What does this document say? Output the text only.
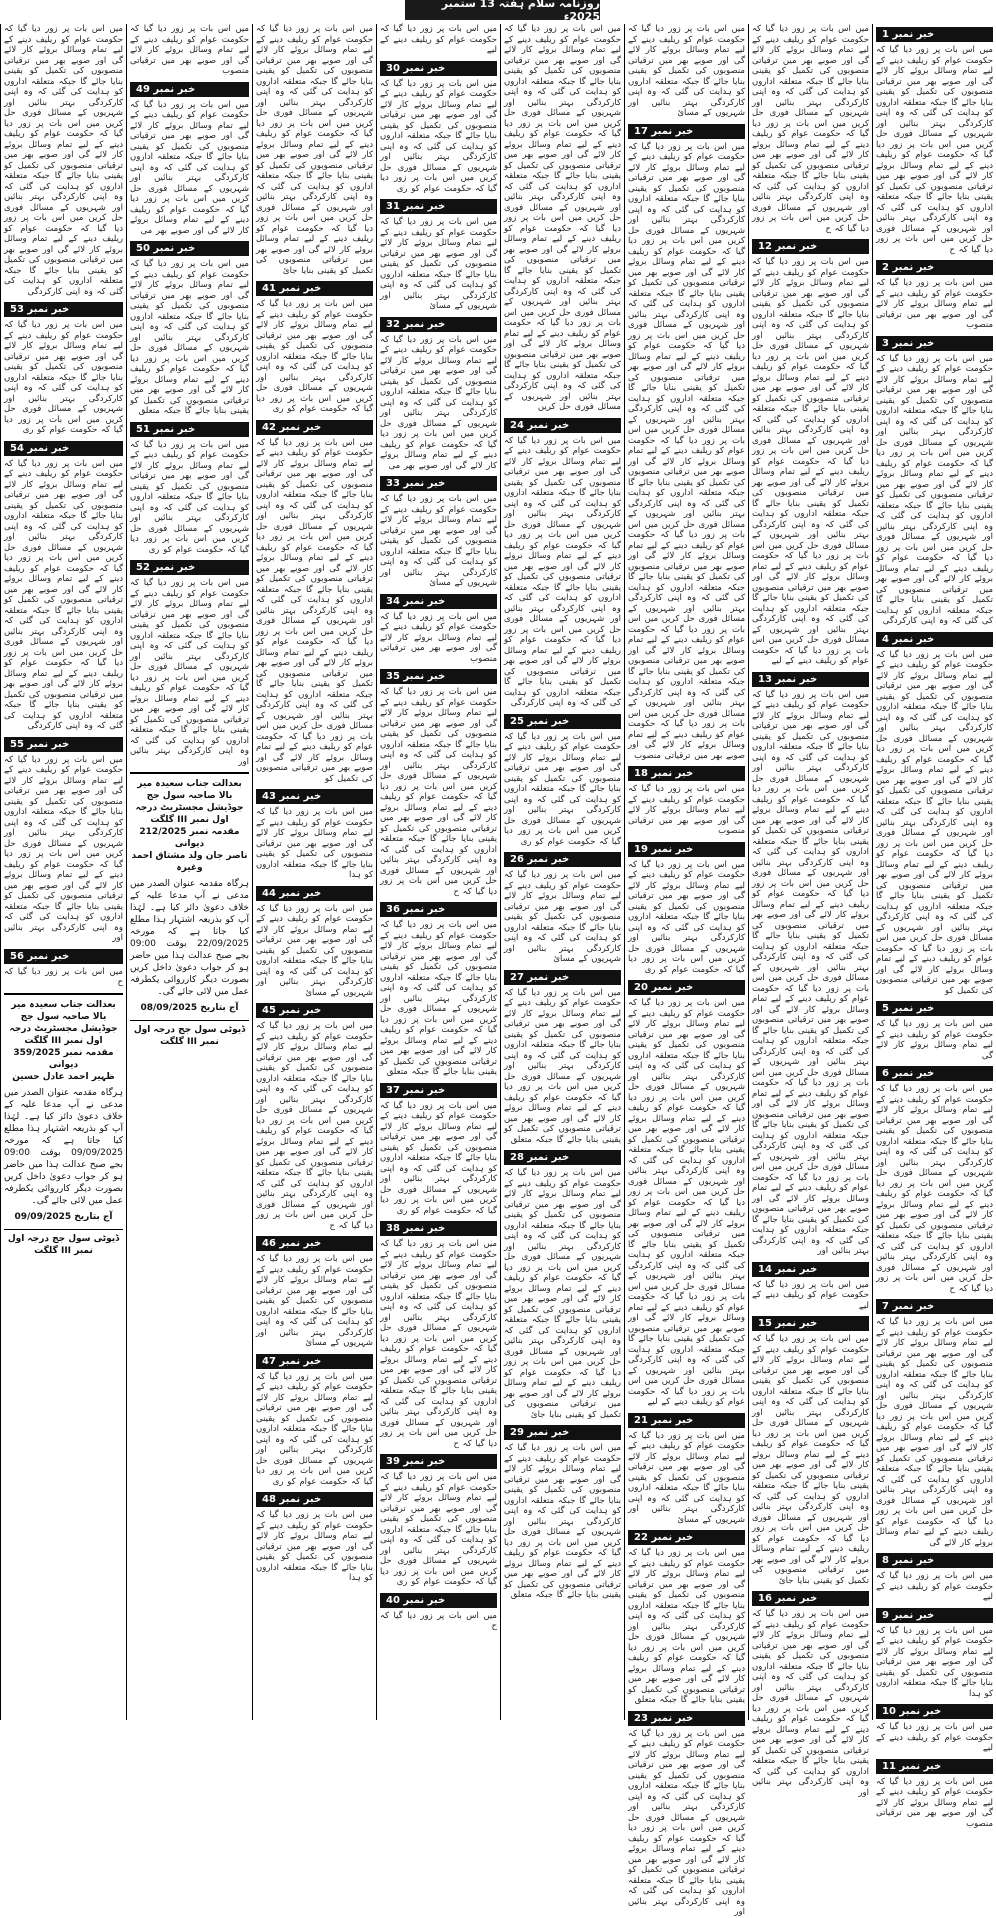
روزنامہ سلام ہفتہ 13 ستمبر 2025ء
خبر نمبر 1
میں اس بات پر زور دیا گیا کہ حکومت عوام کو ریلیف دینے کے لیے تمام وسائل بروئے کار لائے گی اور صوبے بھر میں ترقیاتی منصوبوں کی تکمیل کو یقینی بنایا جائے گا جبکہ متعلقہ اداروں کو ہدایت کی گئی کہ وہ اپنی کارکردگی بہتر بنائیں اور شہریوں کے مسائل فوری حل کریں میں اس بات پر زور دیا گیا کہ حکومت عوام کو ریلیف دینے کے لیے تمام وسائل بروئے کار لائے گی اور صوبے بھر میں ترقیاتی منصوبوں کی تکمیل کو یقینی بنایا جائے گا جبکہ متعلقہ اداروں کو ہدایت کی گئی کہ وہ اپنی کارکردگی بہتر بنائیں اور شہریوں کے مسائل فوری حل کریں میں اس بات پر زور دیا گیا کہ ح
خبر نمبر 2
میں اس بات پر زور دیا گیا کہ حکومت عوام کو ریلیف دینے کے لیے تمام وسائل بروئے کار لائے گی اور صوبے بھر میں ترقیاتی منصوب
خبر نمبر 3
میں اس بات پر زور دیا گیا کہ حکومت عوام کو ریلیف دینے کے لیے تمام وسائل بروئے کار لائے گی اور صوبے بھر میں ترقیاتی منصوبوں کی تکمیل کو یقینی بنایا جائے گا جبکہ متعلقہ اداروں کو ہدایت کی گئی کہ وہ اپنی کارکردگی بہتر بنائیں اور شہریوں کے مسائل فوری حل کریں میں اس بات پر زور دیا گیا کہ حکومت عوام کو ریلیف دینے کے لیے تمام وسائل بروئے کار لائے گی اور صوبے بھر میں ترقیاتی منصوبوں کی تکمیل کو یقینی بنایا جائے گا جبکہ متعلقہ اداروں کو ہدایت کی گئی کہ وہ اپنی کارکردگی بہتر بنائیں اور شہریوں کے مسائل فوری حل کریں میں اس بات پر زور دیا گیا کہ حکومت عوام کو ریلیف دینے کے لیے تمام وسائل بروئے کار لائے گی اور صوبے بھر میں ترقیاتی منصوبوں کی تکمیل کو یقینی بنایا جائے گا جبکہ متعلقہ اداروں کو ہدایت کی گئی کہ وہ اپنی کارکردگی
خبر نمبر 4
میں اس بات پر زور دیا گیا کہ حکومت عوام کو ریلیف دینے کے لیے تمام وسائل بروئے کار لائے گی اور صوبے بھر میں ترقیاتی منصوبوں کی تکمیل کو یقینی بنایا جائے گا جبکہ متعلقہ اداروں کو ہدایت کی گئی کہ وہ اپنی کارکردگی بہتر بنائیں اور شہریوں کے مسائل فوری حل کریں میں اس بات پر زور دیا گیا کہ حکومت عوام کو ریلیف دینے کے لیے تمام وسائل بروئے کار لائے گی اور صوبے بھر میں ترقیاتی منصوبوں کی تکمیل کو یقینی بنایا جائے گا جبکہ متعلقہ اداروں کو ہدایت کی گئی کہ وہ اپنی کارکردگی بہتر بنائیں اور شہریوں کے مسائل فوری حل کریں میں اس بات پر زور دیا گیا کہ حکومت عوام کو ریلیف دینے کے لیے تمام وسائل بروئے کار لائے گی اور صوبے بھر میں ترقیاتی منصوبوں کی تکمیل کو یقینی بنایا جائے گا جبکہ متعلقہ اداروں کو ہدایت کی گئی کہ وہ اپنی کارکردگی بہتر بنائیں اور شہریوں کے مسائل فوری حل کریں میں اس بات پر زور دیا گیا کہ حکومت عوام کو ریلیف دینے کے لیے تمام وسائل بروئے کار لائے گی اور صوبے بھر میں ترقیاتی منصوبوں کی تکمیل کو
خبر نمبر 5
میں اس بات پر زور دیا گیا کہ حکومت عوام کو ریلیف دینے کے لیے تمام وسائل بروئے کار لائے گی
خبر نمبر 6
میں اس بات پر زور دیا گیا کہ حکومت عوام کو ریلیف دینے کے لیے تمام وسائل بروئے کار لائے گی اور صوبے بھر میں ترقیاتی منصوبوں کی تکمیل کو یقینی بنایا جائے گا جبکہ متعلقہ اداروں کو ہدایت کی گئی کہ وہ اپنی کارکردگی بہتر بنائیں اور شہریوں کے مسائل فوری حل کریں میں اس بات پر زور دیا گیا کہ حکومت عوام کو ریلیف دینے کے لیے تمام وسائل بروئے کار لائے گی اور صوبے بھر میں ترقیاتی منصوبوں کی تکمیل کو یقینی بنایا جائے گا جبکہ متعلقہ اداروں کو ہدایت کی گئی کہ وہ اپنی کارکردگی بہتر بنائیں اور شہریوں کے مسائل فوری حل کریں میں اس بات پر زور دیا گیا کہ ح
خبر نمبر 7
میں اس بات پر زور دیا گیا کہ حکومت عوام کو ریلیف دینے کے لیے تمام وسائل بروئے کار لائے گی اور صوبے بھر میں ترقیاتی منصوبوں کی تکمیل کو یقینی بنایا جائے گا جبکہ متعلقہ اداروں کو ہدایت کی گئی کہ وہ اپنی کارکردگی بہتر بنائیں اور شہریوں کے مسائل فوری حل کریں میں اس بات پر زور دیا گیا کہ حکومت عوام کو ریلیف دینے کے لیے تمام وسائل بروئے کار لائے گی اور صوبے بھر میں ترقیاتی منصوبوں کی تکمیل کو یقینی بنایا جائے گا جبکہ متعلقہ اداروں کو ہدایت کی گئی کہ وہ اپنی کارکردگی بہتر بنائیں اور شہریوں کے مسائل فوری حل کریں میں اس بات پر زور دیا گیا کہ حکومت عوام کو ریلیف دینے کے لیے تمام وسائل بروئے کار لائے گی
خبر نمبر 8
میں اس بات پر زور دیا گیا کہ حکومت عوام کو ریلیف دینے کے لیے
خبر نمبر 9
میں اس بات پر زور دیا گیا کہ حکومت عوام کو ریلیف دینے کے لیے تمام وسائل بروئے کار لائے گی اور صوبے بھر میں ترقیاتی منصوبوں کی تکمیل کو یقینی بنایا جائے گا جبکہ متعلقہ اداروں کو ہدا
خبر نمبر 10
میں اس بات پر زور دیا گیا کہ حکومت عوام کو ریلیف دینے کے لیے
خبر نمبر 11
میں اس بات پر زور دیا گیا کہ حکومت عوام کو ریلیف دینے کے لیے تمام وسائل بروئے کار لائے گی اور صوبے بھر میں ترقیاتی منصوب
میں اس بات پر زور دیا گیا کہ حکومت عوام کو ریلیف دینے کے لیے تمام وسائل بروئے کار لائے گی اور صوبے بھر میں ترقیاتی منصوبوں کی تکمیل کو یقینی بنایا جائے گا جبکہ متعلقہ اداروں کو ہدایت کی گئی کہ وہ اپنی کارکردگی بہتر بنائیں اور شہریوں کے مسائل فوری حل کریں میں اس بات پر زور دیا گیا کہ حکومت عوام کو ریلیف دینے کے لیے تمام وسائل بروئے کار لائے گی اور صوبے بھر میں ترقیاتی منصوبوں کی تکمیل کو یقینی بنایا جائے گا جبکہ متعلقہ اداروں کو ہدایت کی گئی کہ وہ اپنی کارکردگی بہتر بنائیں اور شہریوں کے مسائل فوری حل کریں میں اس بات پر زور دیا گیا کہ ح
خبر نمبر 12
میں اس بات پر زور دیا گیا کہ حکومت عوام کو ریلیف دینے کے لیے تمام وسائل بروئے کار لائے گی اور صوبے بھر میں ترقیاتی منصوبوں کی تکمیل کو یقینی بنایا جائے گا جبکہ متعلقہ اداروں کو ہدایت کی گئی کہ وہ اپنی کارکردگی بہتر بنائیں اور شہریوں کے مسائل فوری حل کریں میں اس بات پر زور دیا گیا کہ حکومت عوام کو ریلیف دینے کے لیے تمام وسائل بروئے کار لائے گی اور صوبے بھر میں ترقیاتی منصوبوں کی تکمیل کو یقینی بنایا جائے گا جبکہ متعلقہ اداروں کو ہدایت کی گئی کہ وہ اپنی کارکردگی بہتر بنائیں اور شہریوں کے مسائل فوری حل کریں میں اس بات پر زور دیا گیا کہ حکومت عوام کو ریلیف دینے کے لیے تمام وسائل بروئے کار لائے گی اور صوبے بھر میں ترقیاتی منصوبوں کی تکمیل کو یقینی بنایا جائے گا جبکہ متعلقہ اداروں کو ہدایت کی گئی کہ وہ اپنی کارکردگی بہتر بنائیں اور شہریوں کے مسائل فوری حل کریں میں اس بات پر زور دیا گیا کہ حکومت عوام کو ریلیف دینے کے لیے تمام وسائل بروئے کار لائے گی اور صوبے بھر میں ترقیاتی منصوبوں کی تکمیل کو یقینی بنایا جائے گا جبکہ متعلقہ اداروں کو ہدایت کی گئی کہ وہ اپنی کارکردگی بہتر بنائیں اور شہریوں کے مسائل فوری حل کریں میں اس بات پر زور دیا گیا کہ حکومت عوام کو ریلیف دینے کے لیے
خبر نمبر 13
میں اس بات پر زور دیا گیا کہ حکومت عوام کو ریلیف دینے کے لیے تمام وسائل بروئے کار لائے گی اور صوبے بھر میں ترقیاتی منصوبوں کی تکمیل کو یقینی بنایا جائے گا جبکہ متعلقہ اداروں کو ہدایت کی گئی کہ وہ اپنی کارکردگی بہتر بنائیں اور شہریوں کے مسائل فوری حل کریں میں اس بات پر زور دیا گیا کہ حکومت عوام کو ریلیف دینے کے لیے تمام وسائل بروئے کار لائے گی اور صوبے بھر میں ترقیاتی منصوبوں کی تکمیل کو یقینی بنایا جائے گا جبکہ متعلقہ اداروں کو ہدایت کی گئی کہ وہ اپنی کارکردگی بہتر بنائیں اور شہریوں کے مسائل فوری حل کریں میں اس بات پر زور دیا گیا کہ حکومت عوام کو ریلیف دینے کے لیے تمام وسائل بروئے کار لائے گی اور صوبے بھر میں ترقیاتی منصوبوں کی تکمیل کو یقینی بنایا جائے گا جبکہ متعلقہ اداروں کو ہدایت کی گئی کہ وہ اپنی کارکردگی بہتر بنائیں اور شہریوں کے مسائل فوری حل کریں میں اس بات پر زور دیا گیا کہ حکومت عوام کو ریلیف دینے کے لیے تمام وسائل بروئے کار لائے گی اور صوبے بھر میں ترقیاتی منصوبوں کی تکمیل کو یقینی بنایا جائے گا جبکہ متعلقہ اداروں کو ہدایت کی گئی کہ وہ اپنی کارکردگی بہتر بنائیں اور شہریوں کے مسائل فوری حل کریں میں اس بات پر زور دیا گیا کہ حکومت عوام کو ریلیف دینے کے لیے تمام وسائل بروئے کار لائے گی اور صوبے بھر میں ترقیاتی منصوبوں کی تکمیل کو یقینی بنایا جائے گا جبکہ متعلقہ اداروں کو ہدایت کی گئی کہ وہ اپنی کارکردگی بہتر بنائیں اور شہریوں کے مسائل فوری حل کریں میں اس بات پر زور دیا گیا کہ حکومت عوام کو ریلیف دینے کے لیے تمام وسائل بروئے کار لائے گی اور صوبے بھر میں ترقیاتی منصوبوں کی تکمیل کو یقینی بنایا جائے گا جبکہ متعلقہ اداروں کو ہدایت کی گئی کہ وہ اپنی کارکردگی بہتر بنائیں اور
خبر نمبر 14
میں اس بات پر زور دیا گیا کہ حکومت عوام کو ریلیف دینے کے لیے
خبر نمبر 15
میں اس بات پر زور دیا گیا کہ حکومت عوام کو ریلیف دینے کے لیے تمام وسائل بروئے کار لائے گی اور صوبے بھر میں ترقیاتی منصوبوں کی تکمیل کو یقینی بنایا جائے گا جبکہ متعلقہ اداروں کو ہدایت کی گئی کہ وہ اپنی کارکردگی بہتر بنائیں اور شہریوں کے مسائل فوری حل کریں میں اس بات پر زور دیا گیا کہ حکومت عوام کو ریلیف دینے کے لیے تمام وسائل بروئے کار لائے گی اور صوبے بھر میں ترقیاتی منصوبوں کی تکمیل کو یقینی بنایا جائے گا جبکہ متعلقہ اداروں کو ہدایت کی گئی کہ وہ اپنی کارکردگی بہتر بنائیں اور شہریوں کے مسائل فوری حل کریں میں اس بات پر زور دیا گیا کہ حکومت عوام کو ریلیف دینے کے لیے تمام وسائل بروئے کار لائے گی اور صوبے بھر میں ترقیاتی منصوبوں کی تکمیل کو یقینی بنایا جائ
خبر نمبر 16
میں اس بات پر زور دیا گیا کہ حکومت عوام کو ریلیف دینے کے لیے تمام وسائل بروئے کار لائے گی اور صوبے بھر میں ترقیاتی منصوبوں کی تکمیل کو یقینی بنایا جائے گا جبکہ متعلقہ اداروں کو ہدایت کی گئی کہ وہ اپنی کارکردگی بہتر بنائیں اور شہریوں کے مسائل فوری حل کریں میں اس بات پر زور دیا گیا کہ حکومت عوام کو ریلیف دینے کے لیے تمام وسائل بروئے کار لائے گی اور صوبے بھر میں ترقیاتی منصوبوں کی تکمیل کو یقینی بنایا جائے گا جبکہ متعلقہ اداروں کو ہدایت کی گئی کہ وہ اپنی کارکردگی بہتر بنائیں اور
میں اس بات پر زور دیا گیا کہ حکومت عوام کو ریلیف دینے کے لیے تمام وسائل بروئے کار لائے گی اور صوبے بھر میں ترقیاتی منصوبوں کی تکمیل کو یقینی بنایا جائے گا جبکہ متعلقہ اداروں کو ہدایت کی گئی کہ وہ اپنی کارکردگی بہتر بنائیں اور شہریوں کے مسائ
خبر نمبر 17
میں اس بات پر زور دیا گیا کہ حکومت عوام کو ریلیف دینے کے لیے تمام وسائل بروئے کار لائے گی اور صوبے بھر میں ترقیاتی منصوبوں کی تکمیل کو یقینی بنایا جائے گا جبکہ متعلقہ اداروں کو ہدایت کی گئی کہ وہ اپنی کارکردگی بہتر بنائیں اور شہریوں کے مسائل فوری حل کریں میں اس بات پر زور دیا گیا کہ حکومت عوام کو ریلیف دینے کے لیے تمام وسائل بروئے کار لائے گی اور صوبے بھر میں ترقیاتی منصوبوں کی تکمیل کو یقینی بنایا جائے گا جبکہ متعلقہ اداروں کو ہدایت کی گئی کہ وہ اپنی کارکردگی بہتر بنائیں اور شہریوں کے مسائل فوری حل کریں میں اس بات پر زور دیا گیا کہ حکومت عوام کو ریلیف دینے کے لیے تمام وسائل بروئے کار لائے گی اور صوبے بھر میں ترقیاتی منصوبوں کی تکمیل کو یقینی بنایا جائے گا جبکہ متعلقہ اداروں کو ہدایت کی گئی کہ وہ اپنی کارکردگی بہتر بنائیں اور شہریوں کے مسائل فوری حل کریں میں اس بات پر زور دیا گیا کہ حکومت عوام کو ریلیف دینے کے لیے تمام وسائل بروئے کار لائے گی اور صوبے بھر میں ترقیاتی منصوبوں کی تکمیل کو یقینی بنایا جائے گا جبکہ متعلقہ اداروں کو ہدایت کی گئی کہ وہ اپنی کارکردگی بہتر بنائیں اور شہریوں کے مسائل فوری حل کریں میں اس بات پر زور دیا گیا کہ حکومت عوام کو ریلیف دینے کے لیے تمام وسائل بروئے کار لائے گی اور صوبے بھر میں ترقیاتی منصوبوں کی تکمیل کو یقینی بنایا جائے گا جبکہ متعلقہ اداروں کو ہدایت کی گئی کہ وہ اپنی کارکردگی بہتر بنائیں اور شہریوں کے مسائل فوری حل کریں میں اس بات پر زور دیا گیا کہ حکومت عوام کو ریلیف دینے کے لیے تمام وسائل بروئے کار لائے گی اور صوبے بھر میں ترقیاتی منصوبوں کی تکمیل کو یقینی بنایا جائے گا جبکہ متعلقہ اداروں کو ہدایت کی گئی کہ وہ اپنی کارکردگی بہتر بنائیں اور شہریوں کے مسائل فوری حل کریں میں اس بات پر زور دیا گیا کہ حکومت عوام کو ریلیف دینے کے لیے تمام وسائل بروئے کار لائے گی اور صوبے بھر میں ترقیاتی منصوب
خبر نمبر 18
میں اس بات پر زور دیا گیا کہ حکومت عوام کو ریلیف دینے کے لیے تمام وسائل بروئے کار لائے گی اور صوبے بھر میں ترقیاتی منصوب
خبر نمبر 19
میں اس بات پر زور دیا گیا کہ حکومت عوام کو ریلیف دینے کے لیے تمام وسائل بروئے کار لائے گی اور صوبے بھر میں ترقیاتی منصوبوں کی تکمیل کو یقینی بنایا جائے گا جبکہ متعلقہ اداروں کو ہدایت کی گئی کہ وہ اپنی کارکردگی بہتر بنائیں اور شہریوں کے مسائل فوری حل کریں میں اس بات پر زور دیا گیا کہ حکومت عوام کو ری
خبر نمبر 20
میں اس بات پر زور دیا گیا کہ حکومت عوام کو ریلیف دینے کے لیے تمام وسائل بروئے کار لائے گی اور صوبے بھر میں ترقیاتی منصوبوں کی تکمیل کو یقینی بنایا جائے گا جبکہ متعلقہ اداروں کو ہدایت کی گئی کہ وہ اپنی کارکردگی بہتر بنائیں اور شہریوں کے مسائل فوری حل کریں میں اس بات پر زور دیا گیا کہ حکومت عوام کو ریلیف دینے کے لیے تمام وسائل بروئے کار لائے گی اور صوبے بھر میں ترقیاتی منصوبوں کی تکمیل کو یقینی بنایا جائے گا جبکہ متعلقہ اداروں کو ہدایت کی گئی کہ وہ اپنی کارکردگی بہتر بنائیں اور شہریوں کے مسائل فوری حل کریں میں اس بات پر زور دیا گیا کہ حکومت عوام کو ریلیف دینے کے لیے تمام وسائل بروئے کار لائے گی اور صوبے بھر میں ترقیاتی منصوبوں کی تکمیل کو یقینی بنایا جائے گا جبکہ متعلقہ اداروں کو ہدایت کی گئی کہ وہ اپنی کارکردگی بہتر بنائیں اور شہریوں کے مسائل فوری حل کریں میں اس بات پر زور دیا گیا کہ حکومت عوام کو ریلیف دینے کے لیے تمام وسائل بروئے کار لائے گی اور صوبے بھر میں ترقیاتی منصوبوں کی تکمیل کو یقینی بنایا جائے گا جبکہ متعلقہ اداروں کو ہدایت کی گئی کہ وہ اپنی کارکردگی بہتر بنائیں اور شہریوں کے مسائل فوری حل کریں میں اس بات پر زور دیا گیا کہ حکومت عوام کو ریلیف دینے کے لیے
خبر نمبر 21
میں اس بات پر زور دیا گیا کہ حکومت عوام کو ریلیف دینے کے لیے تمام وسائل بروئے کار لائے گی اور صوبے بھر میں ترقیاتی منصوبوں کی تکمیل کو یقینی بنایا جائے گا جبکہ متعلقہ اداروں کو ہدایت کی گئی کہ وہ اپنی کارکردگی بہتر بنائیں اور شہریوں کے مسائ
خبر نمبر 22
میں اس بات پر زور دیا گیا کہ حکومت عوام کو ریلیف دینے کے لیے تمام وسائل بروئے کار لائے گی اور صوبے بھر میں ترقیاتی منصوبوں کی تکمیل کو یقینی بنایا جائے گا جبکہ متعلقہ اداروں کو ہدایت کی گئی کہ وہ اپنی کارکردگی بہتر بنائیں اور شہریوں کے مسائل فوری حل کریں میں اس بات پر زور دیا گیا کہ حکومت عوام کو ریلیف دینے کے لیے تمام وسائل بروئے کار لائے گی اور صوبے بھر میں ترقیاتی منصوبوں کی تکمیل کو یقینی بنایا جائے گا جبکہ متعلق
خبر نمبر 23
میں اس بات پر زور دیا گیا کہ حکومت عوام کو ریلیف دینے کے لیے تمام وسائل بروئے کار لائے گی اور صوبے بھر میں ترقیاتی منصوبوں کی تکمیل کو یقینی بنایا جائے گا جبکہ متعلقہ اداروں کو ہدایت کی گئی کہ وہ اپنی کارکردگی بہتر بنائیں اور شہریوں کے مسائل فوری حل کریں میں اس بات پر زور دیا گیا کہ حکومت عوام کو ریلیف دینے کے لیے تمام وسائل بروئے کار لائے گی اور صوبے بھر میں ترقیاتی منصوبوں کی تکمیل کو یقینی بنایا جائے گا جبکہ متعلقہ اداروں کو ہدایت کی گئی کہ وہ اپنی کارکردگی بہتر بنائیں اور
میں اس بات پر زور دیا گیا کہ حکومت عوام کو ریلیف دینے کے لیے تمام وسائل بروئے کار لائے گی اور صوبے بھر میں ترقیاتی منصوبوں کی تکمیل کو یقینی بنایا جائے گا جبکہ متعلقہ اداروں کو ہدایت کی گئی کہ وہ اپنی کارکردگی بہتر بنائیں اور شہریوں کے مسائل فوری حل کریں میں اس بات پر زور دیا گیا کہ حکومت عوام کو ریلیف دینے کے لیے تمام وسائل بروئے کار لائے گی اور صوبے بھر میں ترقیاتی منصوبوں کی تکمیل کو یقینی بنایا جائے گا جبکہ متعلقہ اداروں کو ہدایت کی گئی کہ وہ اپنی کارکردگی بہتر بنائیں اور شہریوں کے مسائل فوری حل کریں میں اس بات پر زور دیا گیا کہ حکومت عوام کو ریلیف دینے کے لیے تمام وسائل بروئے کار لائے گی اور صوبے بھر میں ترقیاتی منصوبوں کی تکمیل کو یقینی بنایا جائے گا جبکہ متعلقہ اداروں کو ہدایت کی گئی کہ وہ اپنی کارکردگی بہتر بنائیں اور شہریوں کے مسائل فوری حل کریں میں اس بات پر زور دیا گیا کہ حکومت عوام کو ریلیف دینے کے لیے تمام وسائل بروئے کار لائے گی اور صوبے بھر میں ترقیاتی منصوبوں کی تکمیل کو یقینی بنایا جائے گا جبکہ متعلقہ اداروں کو ہدایت کی گئی کہ وہ اپنی کارکردگی بہتر بنائیں اور شہریوں کے مسائل فوری حل کریں
خبر نمبر 24
میں اس بات پر زور دیا گیا کہ حکومت عوام کو ریلیف دینے کے لیے تمام وسائل بروئے کار لائے گی اور صوبے بھر میں ترقیاتی منصوبوں کی تکمیل کو یقینی بنایا جائے گا جبکہ متعلقہ اداروں کو ہدایت کی گئی کہ وہ اپنی کارکردگی بہتر بنائیں اور شہریوں کے مسائل فوری حل کریں میں اس بات پر زور دیا گیا کہ حکومت عوام کو ریلیف دینے کے لیے تمام وسائل بروئے کار لائے گی اور صوبے بھر میں ترقیاتی منصوبوں کی تکمیل کو یقینی بنایا جائے گا جبکہ متعلقہ اداروں کو ہدایت کی گئی کہ وہ اپنی کارکردگی بہتر بنائیں اور شہریوں کے مسائل فوری حل کریں میں اس بات پر زور دیا گیا کہ حکومت عوام کو ریلیف دینے کے لیے تمام وسائل بروئے کار لائے گی اور صوبے بھر میں ترقیاتی منصوبوں کی تکمیل کو یقینی بنایا جائے گا جبکہ متعلقہ اداروں کو ہدایت کی گئی کہ وہ اپنی کارکردگی
خبر نمبر 25
میں اس بات پر زور دیا گیا کہ حکومت عوام کو ریلیف دینے کے لیے تمام وسائل بروئے کار لائے گی اور صوبے بھر میں ترقیاتی منصوبوں کی تکمیل کو یقینی بنایا جائے گا جبکہ متعلقہ اداروں کو ہدایت کی گئی کہ وہ اپنی کارکردگی بہتر بنائیں اور شہریوں کے مسائل فوری حل کریں میں اس بات پر زور دیا گیا کہ حکومت عوام کو ری
خبر نمبر 26
میں اس بات پر زور دیا گیا کہ حکومت عوام کو ریلیف دینے کے لیے تمام وسائل بروئے کار لائے گی اور صوبے بھر میں ترقیاتی منصوبوں کی تکمیل کو یقینی بنایا جائے گا جبکہ متعلقہ اداروں کو ہدایت کی گئی کہ وہ اپنی کارکردگی بہتر بنائیں اور شہریوں کے مسائ
خبر نمبر 27
میں اس بات پر زور دیا گیا کہ حکومت عوام کو ریلیف دینے کے لیے تمام وسائل بروئے کار لائے گی اور صوبے بھر میں ترقیاتی منصوبوں کی تکمیل کو یقینی بنایا جائے گا جبکہ متعلقہ اداروں کو ہدایت کی گئی کہ وہ اپنی کارکردگی بہتر بنائیں اور شہریوں کے مسائل فوری حل کریں میں اس بات پر زور دیا گیا کہ حکومت عوام کو ریلیف دینے کے لیے تمام وسائل بروئے کار لائے گی اور صوبے بھر میں ترقیاتی منصوبوں کی تکمیل کو یقینی بنایا جائے گا جبکہ متعلق
خبر نمبر 28
میں اس بات پر زور دیا گیا کہ حکومت عوام کو ریلیف دینے کے لیے تمام وسائل بروئے کار لائے گی اور صوبے بھر میں ترقیاتی منصوبوں کی تکمیل کو یقینی بنایا جائے گا جبکہ متعلقہ اداروں کو ہدایت کی گئی کہ وہ اپنی کارکردگی بہتر بنائیں اور شہریوں کے مسائل فوری حل کریں میں اس بات پر زور دیا گیا کہ حکومت عوام کو ریلیف دینے کے لیے تمام وسائل بروئے کار لائے گی اور صوبے بھر میں ترقیاتی منصوبوں کی تکمیل کو یقینی بنایا جائے گا جبکہ متعلقہ اداروں کو ہدایت کی گئی کہ وہ اپنی کارکردگی بہتر بنائیں اور شہریوں کے مسائل فوری حل کریں میں اس بات پر زور دیا گیا کہ حکومت عوام کو ریلیف دینے کے لیے تمام وسائل بروئے کار لائے گی اور صوبے بھر میں ترقیاتی منصوبوں کی تکمیل کو یقینی بنایا جائ
خبر نمبر 29
میں اس بات پر زور دیا گیا کہ حکومت عوام کو ریلیف دینے کے لیے تمام وسائل بروئے کار لائے گی اور صوبے بھر میں ترقیاتی منصوبوں کی تکمیل کو یقینی بنایا جائے گا جبکہ متعلقہ اداروں کو ہدایت کی گئی کہ وہ اپنی کارکردگی بہتر بنائیں اور شہریوں کے مسائل فوری حل کریں میں اس بات پر زور دیا گیا کہ حکومت عوام کو ریلیف دینے کے لیے تمام وسائل بروئے کار لائے گی اور صوبے بھر میں ترقیاتی منصوبوں کی تکمیل کو یقینی بنایا جائے گا جبکہ متعلق
میں اس بات پر زور دیا گیا کہ حکومت عوام کو ریلیف دینے کے لیے
خبر نمبر 30
میں اس بات پر زور دیا گیا کہ حکومت عوام کو ریلیف دینے کے لیے تمام وسائل بروئے کار لائے گی اور صوبے بھر میں ترقیاتی منصوبوں کی تکمیل کو یقینی بنایا جائے گا جبکہ متعلقہ اداروں کو ہدایت کی گئی کہ وہ اپنی کارکردگی بہتر بنائیں اور شہریوں کے مسائل فوری حل کریں میں اس بات پر زور دیا گیا کہ حکومت عوام کو ری
خبر نمبر 31
میں اس بات پر زور دیا گیا کہ حکومت عوام کو ریلیف دینے کے لیے تمام وسائل بروئے کار لائے گی اور صوبے بھر میں ترقیاتی منصوبوں کی تکمیل کو یقینی بنایا جائے گا جبکہ متعلقہ اداروں کو ہدایت کی گئی کہ وہ اپنی کارکردگی بہتر بنائیں اور شہریوں کے مسائ
خبر نمبر 32
میں اس بات پر زور دیا گیا کہ حکومت عوام کو ریلیف دینے کے لیے تمام وسائل بروئے کار لائے گی اور صوبے بھر میں ترقیاتی منصوبوں کی تکمیل کو یقینی بنایا جائے گا جبکہ متعلقہ اداروں کو ہدایت کی گئی کہ وہ اپنی کارکردگی بہتر بنائیں اور شہریوں کے مسائل فوری حل کریں میں اس بات پر زور دیا گیا کہ حکومت عوام کو ریلیف دینے کے لیے تمام وسائل بروئے کار لائے گی اور صوبے بھر می
خبر نمبر 33
میں اس بات پر زور دیا گیا کہ حکومت عوام کو ریلیف دینے کے لیے تمام وسائل بروئے کار لائے گی اور صوبے بھر میں ترقیاتی منصوبوں کی تکمیل کو یقینی بنایا جائے گا جبکہ متعلقہ اداروں کو ہدایت کی گئی کہ وہ اپنی کارکردگی بہتر بنائیں اور شہریوں کے مسائ
خبر نمبر 34
میں اس بات پر زور دیا گیا کہ حکومت عوام کو ریلیف دینے کے لیے تمام وسائل بروئے کار لائے گی اور صوبے بھر میں ترقیاتی منصوب
خبر نمبر 35
میں اس بات پر زور دیا گیا کہ حکومت عوام کو ریلیف دینے کے لیے تمام وسائل بروئے کار لائے گی اور صوبے بھر میں ترقیاتی منصوبوں کی تکمیل کو یقینی بنایا جائے گا جبکہ متعلقہ اداروں کو ہدایت کی گئی کہ وہ اپنی کارکردگی بہتر بنائیں اور شہریوں کے مسائل فوری حل کریں میں اس بات پر زور دیا گیا کہ حکومت عوام کو ریلیف دینے کے لیے تمام وسائل بروئے کار لائے گی اور صوبے بھر میں ترقیاتی منصوبوں کی تکمیل کو یقینی بنایا جائے گا جبکہ متعلقہ اداروں کو ہدایت کی گئی کہ وہ اپنی کارکردگی بہتر بنائیں اور شہریوں کے مسائل فوری حل کریں میں اس بات پر زور دیا گیا کہ ح
خبر نمبر 36
میں اس بات پر زور دیا گیا کہ حکومت عوام کو ریلیف دینے کے لیے تمام وسائل بروئے کار لائے گی اور صوبے بھر میں ترقیاتی منصوبوں کی تکمیل کو یقینی بنایا جائے گا جبکہ متعلقہ اداروں کو ہدایت کی گئی کہ وہ اپنی کارکردگی بہتر بنائیں اور شہریوں کے مسائل فوری حل کریں میں اس بات پر زور دیا گیا کہ حکومت عوام کو ریلیف دینے کے لیے تمام وسائل بروئے کار لائے گی اور صوبے بھر میں ترقیاتی منصوبوں کی تکمیل کو یقینی بنایا جائے گا جبکہ متعلق
خبر نمبر 37
میں اس بات پر زور دیا گیا کہ حکومت عوام کو ریلیف دینے کے لیے تمام وسائل بروئے کار لائے گی اور صوبے بھر میں ترقیاتی منصوبوں کی تکمیل کو یقینی بنایا جائے گا جبکہ متعلقہ اداروں کو ہدایت کی گئی کہ وہ اپنی کارکردگی بہتر بنائیں اور شہریوں کے مسائل فوری حل کریں میں اس بات پر زور دیا گیا کہ حکومت عوام کو ری
خبر نمبر 38
میں اس بات پر زور دیا گیا کہ حکومت عوام کو ریلیف دینے کے لیے تمام وسائل بروئے کار لائے گی اور صوبے بھر میں ترقیاتی منصوبوں کی تکمیل کو یقینی بنایا جائے گا جبکہ متعلقہ اداروں کو ہدایت کی گئی کہ وہ اپنی کارکردگی بہتر بنائیں اور شہریوں کے مسائل فوری حل کریں میں اس بات پر زور دیا گیا کہ حکومت عوام کو ریلیف دینے کے لیے تمام وسائل بروئے کار لائے گی اور صوبے بھر میں ترقیاتی منصوبوں کی تکمیل کو یقینی بنایا جائے گا جبکہ متعلقہ اداروں کو ہدایت کی گئی کہ وہ اپنی کارکردگی بہتر بنائیں اور شہریوں کے مسائل فوری حل کریں میں اس بات پر زور دیا گیا کہ ح
خبر نمبر 39
میں اس بات پر زور دیا گیا کہ حکومت عوام کو ریلیف دینے کے لیے تمام وسائل بروئے کار لائے گی اور صوبے بھر میں ترقیاتی منصوبوں کی تکمیل کو یقینی بنایا جائے گا جبکہ متعلقہ اداروں کو ہدایت کی گئی کہ وہ اپنی کارکردگی بہتر بنائیں اور شہریوں کے مسائل فوری حل کریں میں اس بات پر زور دیا گیا کہ حکومت عوام کو ری
خبر نمبر 40
میں اس بات پر زور دیا گیا کہ ح
میں اس بات پر زور دیا گیا کہ حکومت عوام کو ریلیف دینے کے لیے تمام وسائل بروئے کار لائے گی اور صوبے بھر میں ترقیاتی منصوبوں کی تکمیل کو یقینی بنایا جائے گا جبکہ متعلقہ اداروں کو ہدایت کی گئی کہ وہ اپنی کارکردگی بہتر بنائیں اور شہریوں کے مسائل فوری حل کریں میں اس بات پر زور دیا گیا کہ حکومت عوام کو ریلیف دینے کے لیے تمام وسائل بروئے کار لائے گی اور صوبے بھر میں ترقیاتی منصوبوں کی تکمیل کو یقینی بنایا جائے گا جبکہ متعلقہ اداروں کو ہدایت کی گئی کہ وہ اپنی کارکردگی بہتر بنائیں اور شہریوں کے مسائل فوری حل کریں میں اس بات پر زور دیا گیا کہ حکومت عوام کو ریلیف دینے کے لیے تمام وسائل بروئے کار لائے گی اور صوبے بھر میں ترقیاتی منصوبوں کی تکمیل کو یقینی بنایا جائ
خبر نمبر 41
میں اس بات پر زور دیا گیا کہ حکومت عوام کو ریلیف دینے کے لیے تمام وسائل بروئے کار لائے گی اور صوبے بھر میں ترقیاتی منصوبوں کی تکمیل کو یقینی بنایا جائے گا جبکہ متعلقہ اداروں کو ہدایت کی گئی کہ وہ اپنی کارکردگی بہتر بنائیں اور شہریوں کے مسائل فوری حل کریں میں اس بات پر زور دیا گیا کہ حکومت عوام کو ری
خبر نمبر 42
میں اس بات پر زور دیا گیا کہ حکومت عوام کو ریلیف دینے کے لیے تمام وسائل بروئے کار لائے گی اور صوبے بھر میں ترقیاتی منصوبوں کی تکمیل کو یقینی بنایا جائے گا جبکہ متعلقہ اداروں کو ہدایت کی گئی کہ وہ اپنی کارکردگی بہتر بنائیں اور شہریوں کے مسائل فوری حل کریں میں اس بات پر زور دیا گیا کہ حکومت عوام کو ریلیف دینے کے لیے تمام وسائل بروئے کار لائے گی اور صوبے بھر میں ترقیاتی منصوبوں کی تکمیل کو یقینی بنایا جائے گا جبکہ متعلقہ اداروں کو ہدایت کی گئی کہ وہ اپنی کارکردگی بہتر بنائیں اور شہریوں کے مسائل فوری حل کریں میں اس بات پر زور دیا گیا کہ حکومت عوام کو ریلیف دینے کے لیے تمام وسائل بروئے کار لائے گی اور صوبے بھر میں ترقیاتی منصوبوں کی تکمیل کو یقینی بنایا جائے گا جبکہ متعلقہ اداروں کو ہدایت کی گئی کہ وہ اپنی کارکردگی بہتر بنائیں اور شہریوں کے مسائل فوری حل کریں میں اس بات پر زور دیا گیا کہ حکومت عوام کو ریلیف دینے کے لیے تمام وسائل بروئے کار لائے گی اور صوبے بھر میں ترقیاتی منصوبوں کی تکمیل کو
خبر نمبر 43
میں اس بات پر زور دیا گیا کہ حکومت عوام کو ریلیف دینے کے لیے تمام وسائل بروئے کار لائے گی اور صوبے بھر میں ترقیاتی منصوبوں کی تکمیل کو یقینی بنایا جائے گا جبکہ متعلقہ اداروں کو ہدا
خبر نمبر 44
میں اس بات پر زور دیا گیا کہ حکومت عوام کو ریلیف دینے کے لیے تمام وسائل بروئے کار لائے گی اور صوبے بھر میں ترقیاتی منصوبوں کی تکمیل کو یقینی بنایا جائے گا جبکہ متعلقہ اداروں کو ہدایت کی گئی کہ وہ اپنی کارکردگی بہتر بنائیں اور شہریوں کے مسائ
خبر نمبر 45
میں اس بات پر زور دیا گیا کہ حکومت عوام کو ریلیف دینے کے لیے تمام وسائل بروئے کار لائے گی اور صوبے بھر میں ترقیاتی منصوبوں کی تکمیل کو یقینی بنایا جائے گا جبکہ متعلقہ اداروں کو ہدایت کی گئی کہ وہ اپنی کارکردگی بہتر بنائیں اور شہریوں کے مسائل فوری حل کریں میں اس بات پر زور دیا گیا کہ حکومت عوام کو ریلیف دینے کے لیے تمام وسائل بروئے کار لائے گی اور صوبے بھر میں ترقیاتی منصوبوں کی تکمیل کو یقینی بنایا جائے گا جبکہ متعلقہ اداروں کو ہدایت کی گئی کہ وہ اپنی کارکردگی بہتر بنائیں اور شہریوں کے مسائل فوری حل کریں میں اس بات پر زور دیا گیا کہ ح
خبر نمبر 46
میں اس بات پر زور دیا گیا کہ حکومت عوام کو ریلیف دینے کے لیے تمام وسائل بروئے کار لائے گی اور صوبے بھر میں ترقیاتی منصوبوں کی تکمیل کو یقینی بنایا جائے گا جبکہ متعلقہ اداروں کو ہدایت کی گئی کہ وہ اپنی کارکردگی بہتر بنائیں اور شہریوں کے مسائ
خبر نمبر 47
میں اس بات پر زور دیا گیا کہ حکومت عوام کو ریلیف دینے کے لیے تمام وسائل بروئے کار لائے گی اور صوبے بھر میں ترقیاتی منصوبوں کی تکمیل کو یقینی بنایا جائے گا جبکہ متعلقہ اداروں کو ہدایت کی گئی کہ وہ اپنی کارکردگی بہتر بنائیں اور شہریوں کے مسائل فوری حل کریں میں اس بات پر زور دیا گیا کہ حکومت عوام کو ری
خبر نمبر 48
میں اس بات پر زور دیا گیا کہ حکومت عوام کو ریلیف دینے کے لیے تمام وسائل بروئے کار لائے گی اور صوبے بھر میں ترقیاتی منصوبوں کی تکمیل کو یقینی بنایا جائے گا جبکہ متعلقہ اداروں کو ہدا
میں اس بات پر زور دیا گیا کہ حکومت عوام کو ریلیف دینے کے لیے تمام وسائل بروئے کار لائے گی اور صوبے بھر میں ترقیاتی منصوب
خبر نمبر 49
میں اس بات پر زور دیا گیا کہ حکومت عوام کو ریلیف دینے کے لیے تمام وسائل بروئے کار لائے گی اور صوبے بھر میں ترقیاتی منصوبوں کی تکمیل کو یقینی بنایا جائے گا جبکہ متعلقہ اداروں کو ہدایت کی گئی کہ وہ اپنی کارکردگی بہتر بنائیں اور شہریوں کے مسائل فوری حل کریں میں اس بات پر زور دیا گیا کہ حکومت عوام کو ریلیف دینے کے لیے تمام وسائل بروئے کار لائے گی اور صوبے بھر می
خبر نمبر 50
میں اس بات پر زور دیا گیا کہ حکومت عوام کو ریلیف دینے کے لیے تمام وسائل بروئے کار لائے گی اور صوبے بھر میں ترقیاتی منصوبوں کی تکمیل کو یقینی بنایا جائے گا جبکہ متعلقہ اداروں کو ہدایت کی گئی کہ وہ اپنی کارکردگی بہتر بنائیں اور شہریوں کے مسائل فوری حل کریں میں اس بات پر زور دیا گیا کہ حکومت عوام کو ریلیف دینے کے لیے تمام وسائل بروئے کار لائے گی اور صوبے بھر میں ترقیاتی منصوبوں کی تکمیل کو یقینی بنایا جائے گا جبکہ متعلق
خبر نمبر 51
میں اس بات پر زور دیا گیا کہ حکومت عوام کو ریلیف دینے کے لیے تمام وسائل بروئے کار لائے گی اور صوبے بھر میں ترقیاتی منصوبوں کی تکمیل کو یقینی بنایا جائے گا جبکہ متعلقہ اداروں کو ہدایت کی گئی کہ وہ اپنی کارکردگی بہتر بنائیں اور شہریوں کے مسائل فوری حل کریں میں اس بات پر زور دیا گیا کہ حکومت عوام کو ری
خبر نمبر 52
میں اس بات پر زور دیا گیا کہ حکومت عوام کو ریلیف دینے کے لیے تمام وسائل بروئے کار لائے گی اور صوبے بھر میں ترقیاتی منصوبوں کی تکمیل کو یقینی بنایا جائے گا جبکہ متعلقہ اداروں کو ہدایت کی گئی کہ وہ اپنی کارکردگی بہتر بنائیں اور شہریوں کے مسائل فوری حل کریں میں اس بات پر زور دیا گیا کہ حکومت عوام کو ریلیف دینے کے لیے تمام وسائل بروئے کار لائے گی اور صوبے بھر میں ترقیاتی منصوبوں کی تکمیل کو یقینی بنایا جائے گا جبکہ متعلقہ اداروں کو ہدایت کی گئی کہ وہ اپنی کارکردگی بہتر بنائیں اور
بعدالت جناب سعیدہ میر بالا صاحبہ سول جج جوڈیشل مجسٹریٹ درجہ اول نمبر III گلگت
مقدمہ نمبر 212/2025 دیوانی
ناصر جان ولد مشتاق احمد وغیرہ
ہرگاہ مقدمہ عنوان الصدر میں مدعی نے آپ مدعا علیہ کے خلاف دعویٰ دائر کیا ہے۔ لہٰذا آپ کو بذریعہ اشتہار ہذا مطلع کیا جاتا ہے کہ مورخہ 22/09/2025 بوقت 09:00 بجے صبح عدالت ہذا میں حاضر ہو کر جواب دعویٰ داخل کریں بصورت دیگر کارروائی یکطرفہ عمل میں لائی جائے گی۔
آج بتاریخ 08/09/2025
ڈیوٹی سول جج درجہ اول نمبر III گلگت
میں اس بات پر زور دیا گیا کہ حکومت عوام کو ریلیف دینے کے لیے تمام وسائل بروئے کار لائے گی اور صوبے بھر میں ترقیاتی منصوبوں کی تکمیل کو یقینی بنایا جائے گا جبکہ متعلقہ اداروں کو ہدایت کی گئی کہ وہ اپنی کارکردگی بہتر بنائیں اور شہریوں کے مسائل فوری حل کریں میں اس بات پر زور دیا گیا کہ حکومت عوام کو ریلیف دینے کے لیے تمام وسائل بروئے کار لائے گی اور صوبے بھر میں ترقیاتی منصوبوں کی تکمیل کو یقینی بنایا جائے گا جبکہ متعلقہ اداروں کو ہدایت کی گئی کہ وہ اپنی کارکردگی بہتر بنائیں اور شہریوں کے مسائل فوری حل کریں میں اس بات پر زور دیا گیا کہ حکومت عوام کو ریلیف دینے کے لیے تمام وسائل بروئے کار لائے گی اور صوبے بھر میں ترقیاتی منصوبوں کی تکمیل کو یقینی بنایا جائے گا جبکہ متعلقہ اداروں کو ہدایت کی گئی کہ وہ اپنی کارکردگی
خبر نمبر 53
میں اس بات پر زور دیا گیا کہ حکومت عوام کو ریلیف دینے کے لیے تمام وسائل بروئے کار لائے گی اور صوبے بھر میں ترقیاتی منصوبوں کی تکمیل کو یقینی بنایا جائے گا جبکہ متعلقہ اداروں کو ہدایت کی گئی کہ وہ اپنی کارکردگی بہتر بنائیں اور شہریوں کے مسائل فوری حل کریں میں اس بات پر زور دیا گیا کہ حکومت عوام کو ری
خبر نمبر 54
میں اس بات پر زور دیا گیا کہ حکومت عوام کو ریلیف دینے کے لیے تمام وسائل بروئے کار لائے گی اور صوبے بھر میں ترقیاتی منصوبوں کی تکمیل کو یقینی بنایا جائے گا جبکہ متعلقہ اداروں کو ہدایت کی گئی کہ وہ اپنی کارکردگی بہتر بنائیں اور شہریوں کے مسائل فوری حل کریں میں اس بات پر زور دیا گیا کہ حکومت عوام کو ریلیف دینے کے لیے تمام وسائل بروئے کار لائے گی اور صوبے بھر میں ترقیاتی منصوبوں کی تکمیل کو یقینی بنایا جائے گا جبکہ متعلقہ اداروں کو ہدایت کی گئی کہ وہ اپنی کارکردگی بہتر بنائیں اور شہریوں کے مسائل فوری حل کریں میں اس بات پر زور دیا گیا کہ حکومت عوام کو ریلیف دینے کے لیے تمام وسائل بروئے کار لائے گی اور صوبے بھر میں ترقیاتی منصوبوں کی تکمیل کو یقینی بنایا جائے گا جبکہ متعلقہ اداروں کو ہدایت کی گئی کہ وہ اپنی کارکردگی
خبر نمبر 55
میں اس بات پر زور دیا گیا کہ حکومت عوام کو ریلیف دینے کے لیے تمام وسائل بروئے کار لائے گی اور صوبے بھر میں ترقیاتی منصوبوں کی تکمیل کو یقینی بنایا جائے گا جبکہ متعلقہ اداروں کو ہدایت کی گئی کہ وہ اپنی کارکردگی بہتر بنائیں اور شہریوں کے مسائل فوری حل کریں میں اس بات پر زور دیا گیا کہ حکومت عوام کو ریلیف دینے کے لیے تمام وسائل بروئے کار لائے گی اور صوبے بھر میں ترقیاتی منصوبوں کی تکمیل کو یقینی بنایا جائے گا جبکہ متعلقہ اداروں کو ہدایت کی گئی کہ وہ اپنی کارکردگی بہتر بنائیں اور
خبر نمبر 56
میں اس بات پر زور دیا گیا کہ ح
بعدالت جناب سعیدہ میر بالا صاحبہ سول جج جوڈیشل مجسٹریٹ درجہ اول نمبر III گلگت
مقدمہ نمبر 359/2025 دیوانی
ظہیر احمد عادل حسین
ہرگاہ مقدمہ عنوان الصدر میں مدعی نے آپ مدعا علیہ کے خلاف دعویٰ دائر کیا ہے۔ لہٰذا آپ کو بذریعہ اشتہار ہذا مطلع کیا جاتا ہے کہ مورخہ 09/09/2025 بوقت 09:00 بجے صبح عدالت ہذا میں حاضر ہو کر جواب دعویٰ داخل کریں بصورت دیگر کارروائی یکطرفہ عمل میں لائی جائے گی۔
آج بتاریخ 09/09/2025
ڈیوٹی سول جج درجہ اول نمبر III گلگت
